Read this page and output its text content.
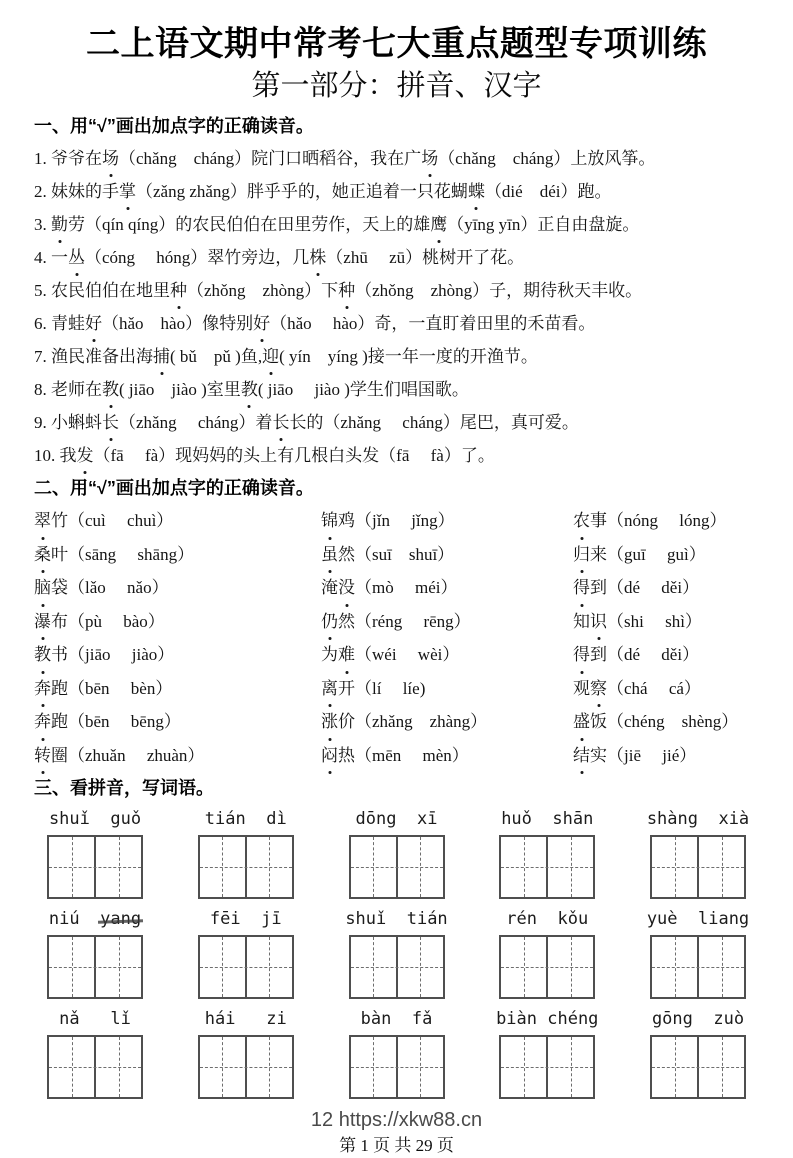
二上语文期中常考七大重点题型专项训练
第一部分：拼音、汉字
一、用“√”画出加点字的正确读音。
1. 爷爷在场（chǎng　cháng）院门口晒稻谷，我在广场（chǎng　cháng）上放风筝。
2. 妹妹的手掌（zǎng zhǎng）胖乎乎的，她正追着一只花蝴蝶（dié　déi）跑。
3. 勤劳（qín qíng）的农民伯伯在田里劳作，天上的雄鹰（yīng yīn）正自由盘旋。
4. 一丛（cóng　 hóng）翠竹旁边，几株（zhū　 zū）桃树开了花。
5. 农民伯伯在地里种（zhǒng　zhòng）下种（zhǒng　zhòng）子，期待秋天丰收。
6. 青蛙好（hǎo　hào）像特别好（hǎo　 hào）奇，一直盯着田里的禾苗看。
7. 渔民准备出海捕( bǔ　pǔ )鱼,迎( yín　yíng )接一年一度的开渔节。
8. 老师在教( jiāo　jiào )室里教( jiāo　 jiào )学生们唱国歌。
9. 小蝌蚪长（zhǎng　 cháng）着长长的（zhǎng　 cháng）尾巴，真可爱。
10. 我发（fā　 fà）现妈妈的头上有几根白头发（fā　 fà）了。
二、用“√”画出加点字的正确读音。
翠竹（cuì　 chuì）	锦鸡（jǐn　 jǐng）	农事（nóng　 lóng）
桑叶（sāng　 shāng）	虽然（suī　shuī）	归来（guī　 guì）
脑袋（lǎo　 nǎo）	淹没（mò　 méi）	得到（dé　 děi）
瀑布（pù　 bào）	仍然（réng　 rēng）	知识（shi　 shì）
教书（jiāo　 jiào）	为难（wéi　 wèi）	得到（dé　 děi）
奔跑（bēn　 bèn）	离开（lí　 líe)	观察（chá　 cá）
奔跑（bēn　 bēng）	涨价（zhǎng　zhàng）	盛饭（chéng　shèng）
转圈（zhuǎn　 zhuàn）	闷热（mēn　 mèn）	结实（jiē　 jié）
三、看拼音，写词语。
shuǐ  guǒ	tián  dì	dōng  xī	huǒ  shān	shàng  xià
niú  yang	fēi  jī	shuǐ  tián	rén  kǒu	yuè  liang
nǎ   lǐ	hái   zi	bàn  fǎ	biàn chéng	gōng  zuò
12 https://xkw88.cn
第 1 页 共 29 页
